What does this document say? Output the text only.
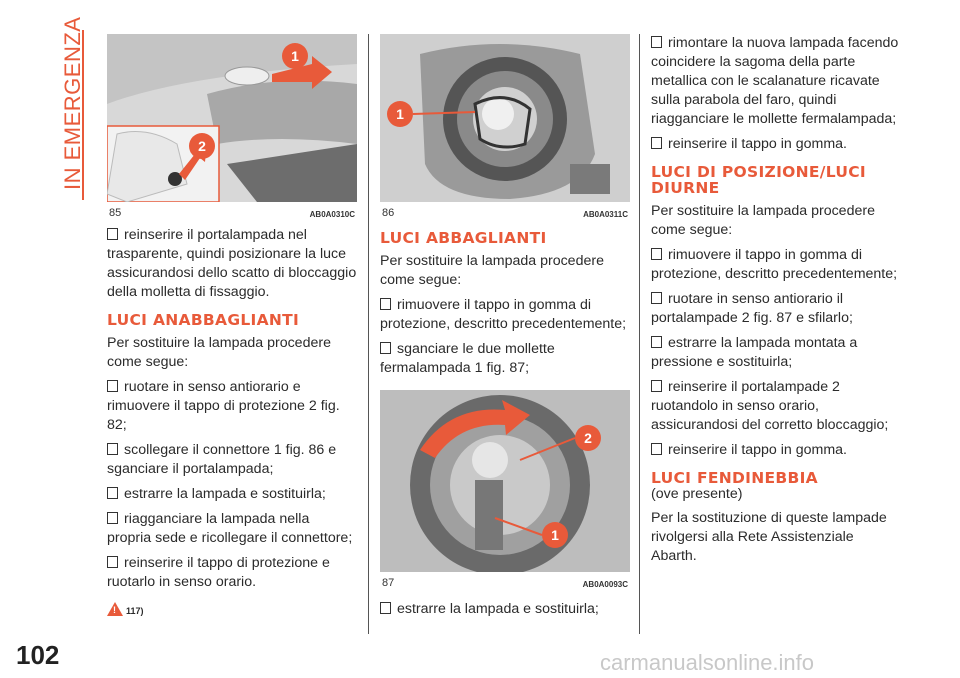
IN EMERGENZA
102
1
2
85	AB0A0310C

reinserire il portalampada nel trasparente, quindi posizionare la luce assicurandosi dello scatto di bloccaggio della molletta di fissaggio.

LUCI ANABBAGLIANTI

Per sostituire la lampada procedere come segue:

ruotare in senso antiorario e rimuovere il tappo di protezione 2 fig. 82;

scollegare il connettore 1 fig. 86 e sganciare il portalampada;

estrarre la lampada e sostituirla;

riagganciare la lampada nella propria sede e ricollegare il connettore;

reinserire il tappo di protezione e ruotarlo in senso orario.

! 117)
1
86	AB0A0311C
LUCI ABBAGLIANTI

Per sostituire la lampada procedere come segue:

rimuovere il tappo in gomma di protezione, descritto precedentemente;

sganciare le due mollette fermalampada 1 fig. 87;

2
1
87	AB0A0093C

estrarre la lampada e sostituirla;

rimontare la nuova lampada facendo coincidere la sagoma della parte metallica con le scalanature ricavate sulla parabola del faro, quindi riagganciare le mollette fermalampada;

reinserire il tappo in gomma.

LUCI DI POSIZIONE/LUCI DIURNE

Per sostituire la lampada procedere come segue:

rimuovere il tappo in gomma di protezione, descritto precedentemente;

ruotare in senso antiorario il portalampade 2 fig. 87 e sfilarlo;

estrarre la lampada montata a pressione e sostituirla;

reinserire il portalampade 2 ruotandolo in senso orario, assicurandosi del corretto bloccaggio;

reinserire il tappo in gomma.

LUCI FENDINEBBIA
(ove presente)

Per la sostituzione di queste lampade rivolgersi alla Rete Assistenziale Abarth.

carmanualsonline.info
